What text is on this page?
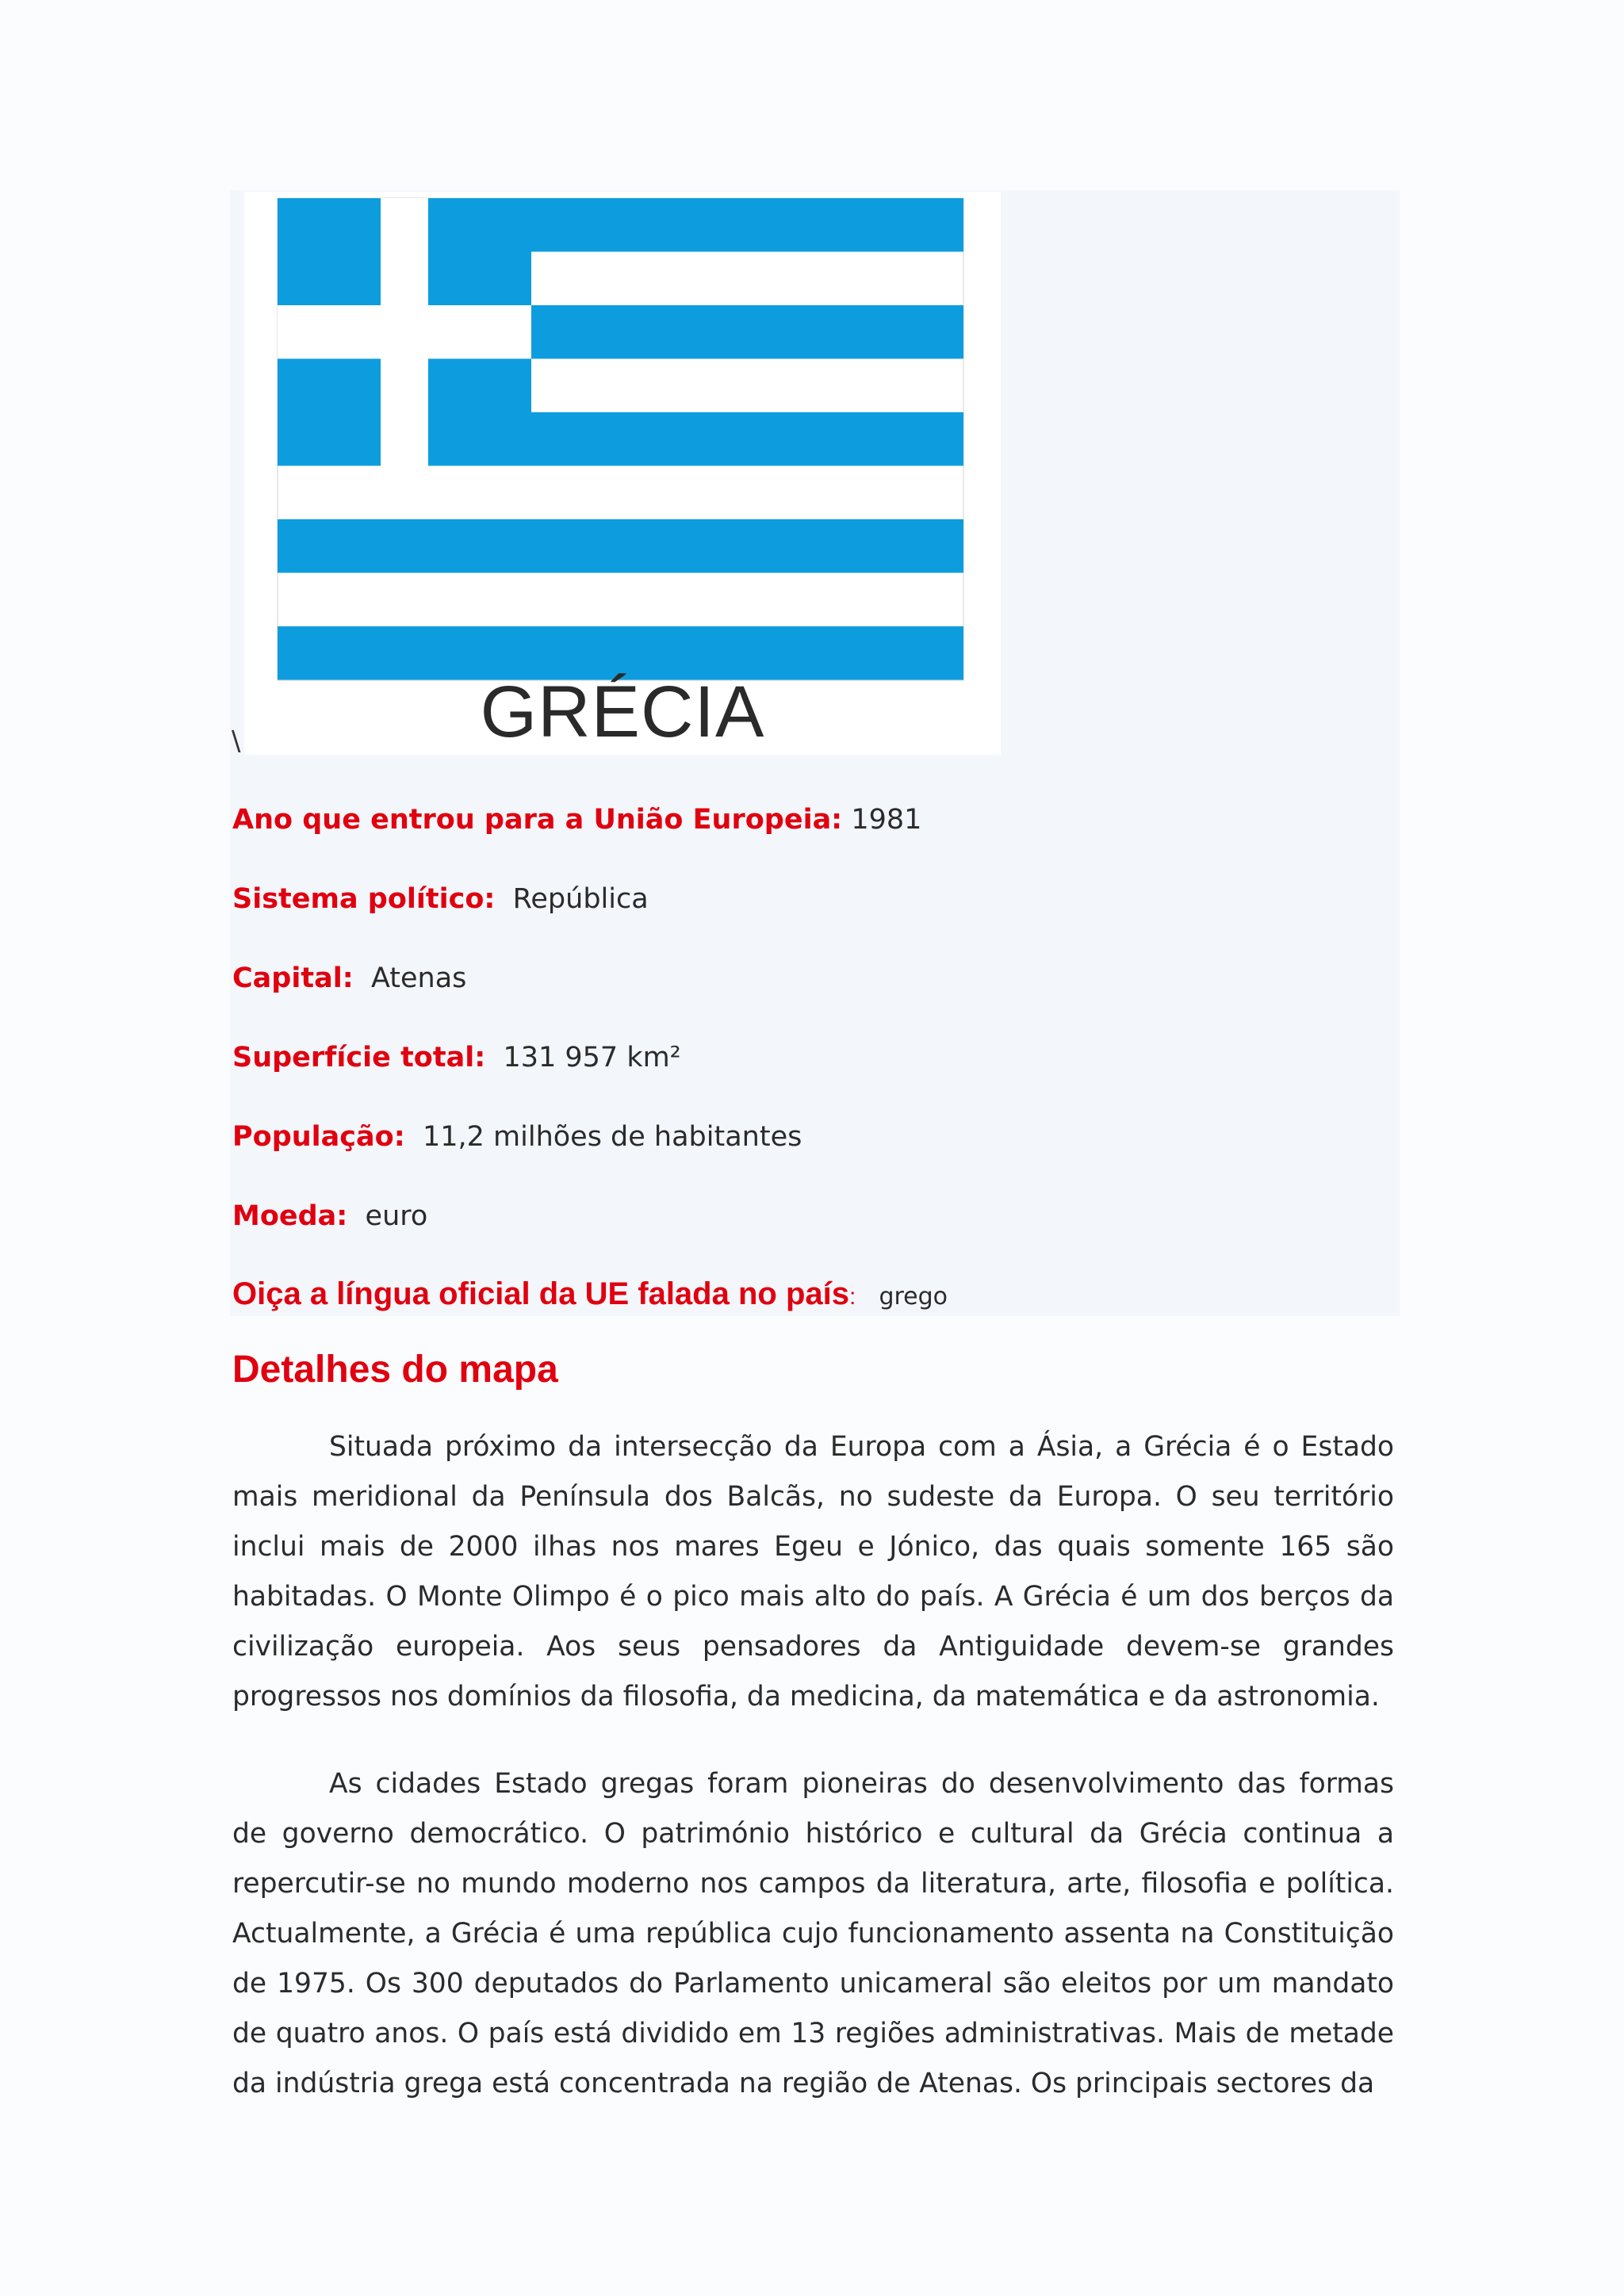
\	GRÉCIA
Ano que entrou para a União Europeia: 1981
Sistema político: República
Capital: Atenas
Superfície total: 131 957 km²
População: 11,2 milhões de habitantes
Moeda: euro
Oiça a língua oficial da UE falada no país: grego
Detalhes do mapa

Situada próximo da intersecção da Europa com a Ásia, a Grécia é o Estado mais meridional da Península dos Balcãs, no sudeste da Europa. O seu território inclui mais de 2000 ilhas nos mares Egeu e Jónico, das quais somente 165 são habitadas. O Monte Olimpo é o pico mais alto do país. A Grécia é um dos berços da civilização europeia. Aos seus pensadores da Antiguidade devem-se grandes progressos nos domínios da filosofia, da medicina, da matemática e da astronomia.

As cidades Estado gregas foram pioneiras do desenvolvimento das formas de governo democrático. O património histórico e cultural da Grécia continua a repercutir-se no mundo moderno nos campos da literatura, arte, filosofia e política. Actualmente, a Grécia é uma república cujo funcionamento assenta na Constituição de 1975. Os 300 deputados do Parlamento unicameral são eleitos por um mandato de quatro anos. O país está dividido em 13 regiões administrativas. Mais de metade da indústria grega está concentrada na região de Atenas. Os principais sectores da
